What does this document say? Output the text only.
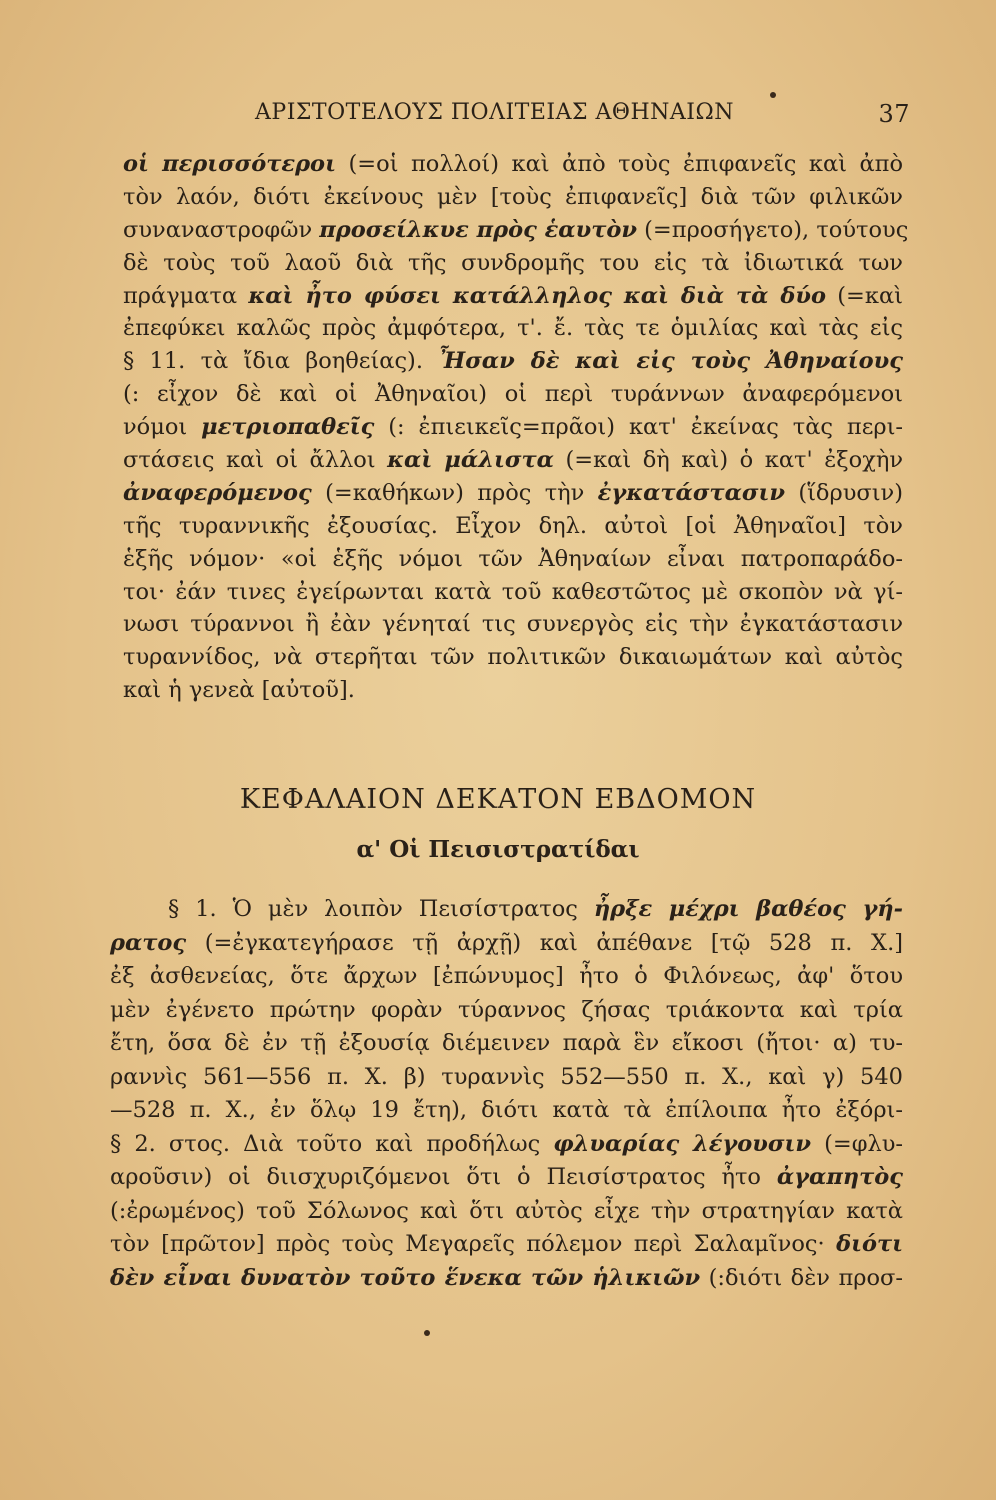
ΑΡΙΣΤΟΤΕΛΟΥΣ ΠΟΛΙΤΕΙΑΣ ΑΘΗΝΑΙΩΝ	37
οἱ περισσότεροι (=οἱ πολλοί) καὶ ἀπὸ τοὺς ἐπιφανεῖς καὶ ἀπὸ
τὸν λαόν, διότι ἐκείνους μὲν [τοὺς ἐπιφανεῖς] διὰ τῶν φιλικῶν
συναναστροφῶν προσείλκυε πρὸς ἑαυτὸν (=προσήγετο), τούτους
δὲ τοὺς τοῦ λαοῦ διὰ τῆς συνδρομῆς του εἰς τὰ ἰδιωτικά των
πράγματα καὶ ἦτο φύσει κατάλληλος καὶ διὰ τὰ δύο (=καὶ
ἐπεφύκει καλῶς πρὸς ἀμφότερα, τ'. ἔ. τὰς τε ὁμιλίας καὶ τὰς εἰς
§ 11. τὰ ἴδια βοηθείας). Ἦσαν δὲ καὶ εἰς τοὺς Ἀθηναίους
(: εἶχον δὲ καὶ οἱ Ἀθηναῖοι) οἱ περὶ τυράννων ἀναφερόμενοι
νόμοι μετριοπαθεῖς (: ἐπιεικεῖς=πρᾶοι) κατ' ἐκείνας τὰς περι-
στάσεις καὶ οἱ ἄλλοι καὶ μάλιστα (=καὶ δὴ καὶ) ὁ κατ' ἐξοχὴν
ἀναφερόμενος (=καθήκων) πρὸς τὴν ἐγκατάστασιν (ἵδρυσιν)
τῆς τυραννικῆς ἐξουσίας. Εἶχον δηλ. αὐτοὶ [οἱ Ἀθηναῖοι] τὸν
ἑξῆς νόμον· «οἱ ἑξῆς νόμοι τῶν Ἀθηναίων εἶναι πατροπαράδο-
τοι· ἐάν τινες ἐγείρωνται κατὰ τοῦ καθεστῶτος μὲ σκοπὸν νὰ γί-
νωσι τύραννοι ἢ ἐὰν γένηταί τις συνεργὸς εἰς τὴν ἐγκατάστασιν
τυραννίδος, νὰ στερῆται τῶν πολιτικῶν δικαιωμάτων καὶ αὐτὸς
καὶ ἡ γενεὰ [αὐτοῦ].
ΚΕΦΑΛΑΙΟΝ ΔΕΚΑΤΟΝ ΕΒΔΟΜΟΝ
α' Οἱ Πεισιστρατίδαι
§ 1. Ὁ μὲν λοιπὸν Πεισίστρατος ἦρξε μέχρι βαθέος γή-
ρατος (=ἐγκατεγήρασε τῇ ἀρχῇ) καὶ ἀπέθανε [τῷ 528 π. Χ.]
ἐξ ἀσθενείας, ὅτε ἄρχων [ἐπώνυμος] ἦτο ὁ Φιλόνεως, ἀφ' ὅτου
μὲν ἐγένετο πρώτην φορὰν τύραννος ζήσας τριάκοντα καὶ τρία
ἔτη, ὅσα δὲ ἐν τῇ ἐξουσίᾳ διέμεινεν παρὰ ἓν εἴκοσι (ἤτοι· α) τυ-
ραννὶς 561—556 π. Χ. β) τυραννὶς 552—550 π. Χ., καὶ γ) 540
—528 π. Χ., ἐν ὅλῳ 19 ἔτη), διότι κατὰ τὰ ἐπίλοιπα ἦτο ἐξόρι-
§ 2. στος. Διὰ τοῦτο καὶ προδήλως φλυαρίας λέγουσιν (=φλυ-
αροῦσιν) οἱ διισχυριζόμενοι ὅτι ὁ Πεισίστρατος ἦτο ἀγαπητὸς
(:ἐρωμένος) τοῦ Σόλωνος καὶ ὅτι αὐτὸς εἶχε τὴν στρατηγίαν κατὰ
τὸν [πρῶτον] πρὸς τοὺς Μεγαρεῖς πόλεμον περὶ Σαλαμῖνος· διότι
δὲν εἶναι δυνατὸν τοῦτο ἕνεκα τῶν ἡλικιῶν (:διότι δὲν προσ-
